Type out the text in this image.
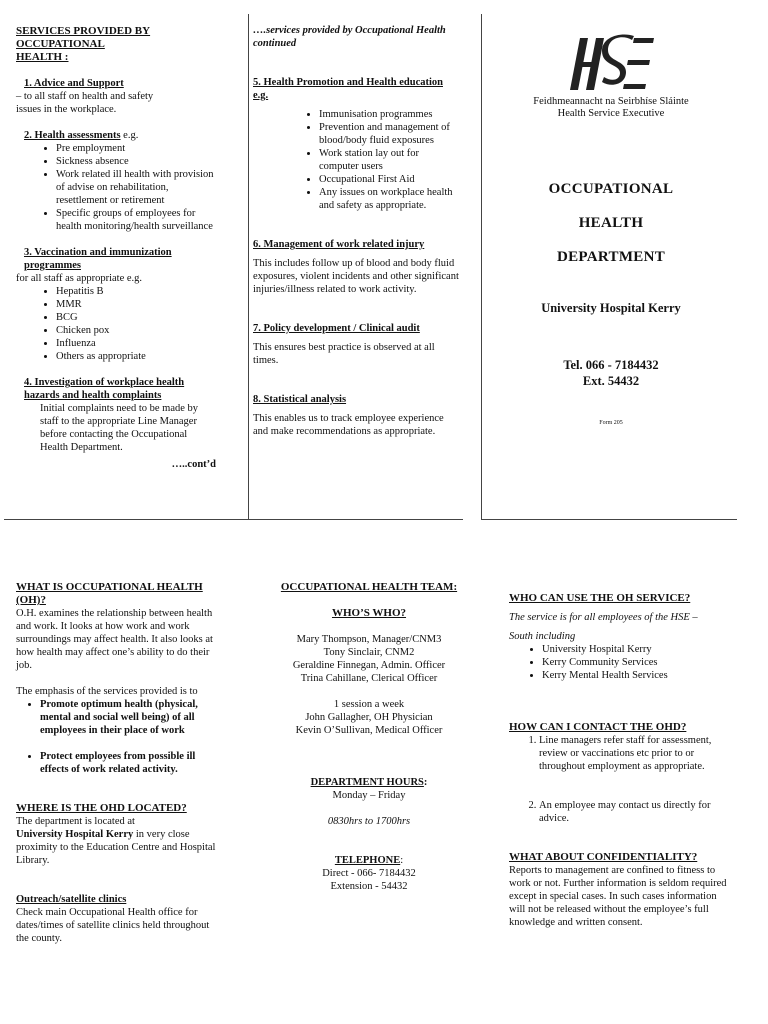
SERVICES PROVIDED BY
OCCUPATIONAL
HEALTH :

1. Advice and Support

– to all staff on health and safety issues in the workplace.

2. Health assessments e.g.

• Pre employment
• Sickness absence
• Work related ill health with provision of advise on rehabilitation, resettlement or retirement
• Specific groups of employees for health monitoring/health surveillance

3. Vaccination and immunization programmes

for all staff as appropriate e.g.

• Hepatitis B
• MMR
• BCG
• Chicken pox
• Influenza
• Others as appropriate

4. Investigation of workplace health hazards and health complaints

Initial complaints need to be made by staff to the appropriate Line Manager before contacting the Occupational Health Department.

…..cont’d

….services provided by Occupational Health continued

5. Health Promotion and Health education e.g.

• Immunisation programmes
• Prevention and management of blood/body fluid exposures
• Work station lay out for computer users
• Occupational First Aid
• Any issues on workplace health and safety as appropriate.

6. Management of work related injury

This includes follow up of blood and body fluid exposures, violent incidents and other significant injuries/illness related to work activity.

7. Policy development / Clinical audit

This ensures best practice is observed at all times.

8. Statistical analysis

This enables us to track employee experience and make recommendations as appropriate.

Feidhmeannacht na Seirbhíse Sláinte
Health Service Executive
OCCUPATIONAL
HEALTH
DEPARTMENT
University Hospital Kerry
Tel. 066 - 7184432
Ext. 54432
Form 205
WHAT IS OCCUPATIONAL HEALTH (OH)?

O.H. examines the relationship between health and work. It looks at how work and work surroundings may affect health. It also looks at how health may affect one’s ability to do their job.

The emphasis of the services provided is to

• Promote optimum health (physical, mental and social well being) of all employees in their place of work
• Protect employees from possible ill effects of work related activity.
WHERE IS THE OHD LOCATED?

The department is located at
University Hospital Kerry in very close proximity to the Education Centre and Hospital Library.

Outreach/satellite clinics

Check main Occupational Health office for dates/times of satellite clinics held throughout the county.

OCCUPATIONAL HEALTH TEAM:
WHO’S WHO?

Mary Thompson, Manager/CNM3

Tony Sinclair, CNM2

Geraldine Finnegan, Admin. Officer

Trina Cahillane, Clerical Officer

1 session a week

John Gallagher, OH Physician

Kevin O’Sullivan, Medical Officer

DEPARTMENT HOURS:

Monday – Friday

0830hrs to 1700hrs

TELEPHONE:

Direct - 066- 7184432

Extension - 54432

WHO CAN USE THE OH SERVICE?

The service is for all employees of the HSE –

South including

• University Hospital Kerry
• Kerry Community Services
• Kerry Mental Health Services
HOW CAN I CONTACT THE OHD?
1. Line managers refer staff for assessment, review or vaccinations etc prior to or throughout employment as appropriate.
2. An employee may contact us directly for advice.
WHAT ABOUT CONFIDENTIALITY?

Reports to management are confined to fitness to work or not. Further information is seldom required except in special cases. In such cases information will not be released without the employee’s full knowledge and written consent.
